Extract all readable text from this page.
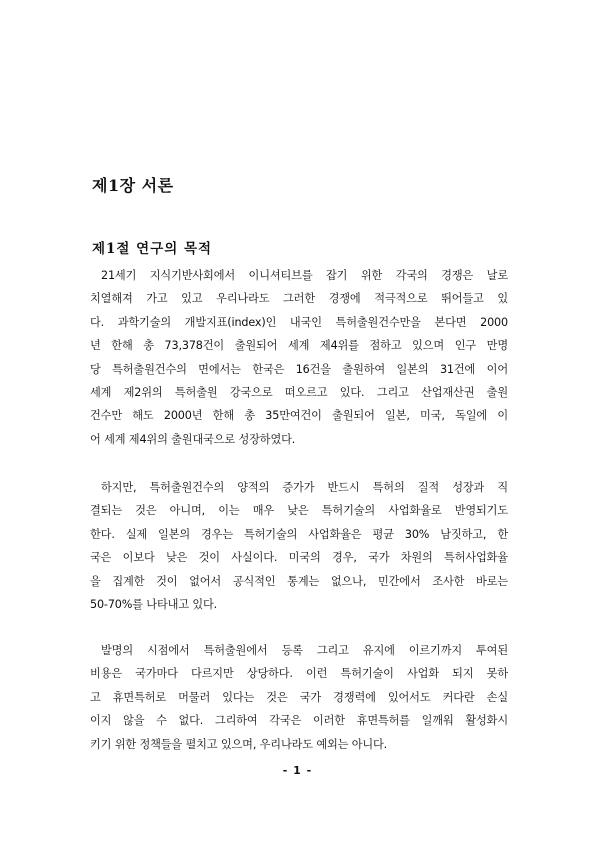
제1장 서론
제1절 연구의 목적
21세기 지식기반사회에서 이니셔티브를 잡기 위한 각국의 경쟁은 날로
치열해져 가고 있고 우리나라도 그러한 경쟁에 적극적으로 뛰어들고 있
다. 과학기술의 개발지표(index)인 내국인 특허출원건수만을 본다면 2000
년 한해 총 73,378건이 출원되어 세계 제4위를 점하고 있으며 인구 만명
당 특허출원건수의 면에서는 한국은 16건을 출원하여 일본의 31건에 이어
세계 제2위의 특허출원 강국으로 떠오르고 있다. 그리고 산업재산권 출원
건수만 해도 2000년 한해 총 35만여건이 출원되어 일본, 미국, 독일에 이
어 세계 제4위의 출원대국으로 성장하였다.
하지만, 특허출원건수의 양적의 증가가 반드시 특허의 질적 성장과 직
결되는 것은 아니며, 이는 매우 낮은 특허기술의 사업화율로 반영되기도
한다. 실제 일본의 경우는 특허기술의 사업화율은 평균 30% 남짓하고, 한
국은 이보다 낮은 것이 사실이다. 미국의 경우, 국가 차원의 특허사업화율
을 집계한 것이 없어서 공식적인 통계는 없으나, 민간에서 조사한 바로는
50-70%를 나타내고 있다.
발명의 시점에서 특허출원에서 등록 그리고 유지에 이르기까지 투여된
비용은 국가마다 다르지만 상당하다. 이런 특허기술이 사업화 되지 못하
고 휴면특허로 머물러 있다는 것은 국가 경쟁력에 있어서도 커다란 손실
이지 않을 수 없다. 그리하여 각국은 이러한 휴면특허를 일깨워 활성화시
키기 위한 정책들을 펼치고 있으며, 우리나라도 예외는 아니다.
- 1 -
